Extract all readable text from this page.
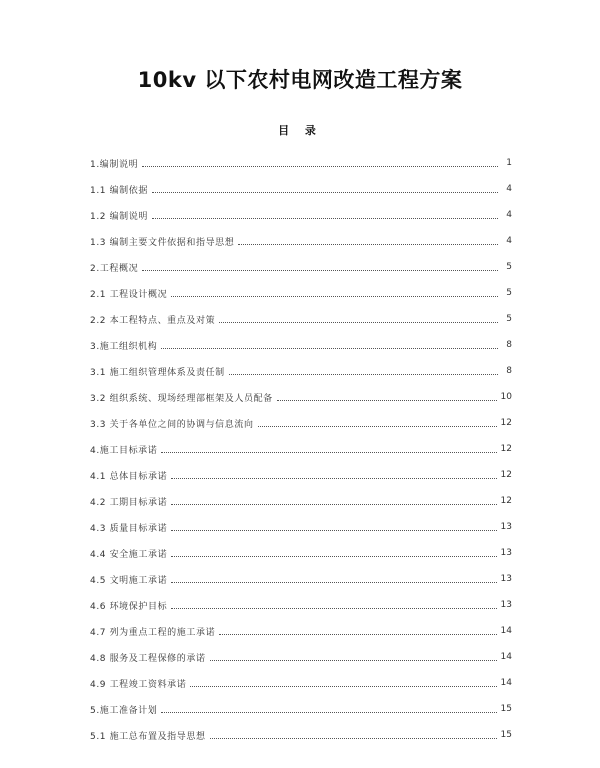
10kv 以下农村电网改造工程方案
目 录
1.编制说明	1
1.1 编制依据	4
1.2 编制说明	4
1.3 编制主要文件依据和指导思想	4
2.工程概况	5
2.1 工程设计概况	5
2.2 本工程特点、重点及对策	5
3.施工组织机构	8
3.1 施工组织管理体系及责任制	8
3.2 组织系统、现场经理部框架及人员配备	10
3.3 关于各单位之间的协调与信息流向	12
4.施工目标承诺	12
4.1 总体目标承诺	12
4.2 工期目标承诺	12
4.3 质量目标承诺	13
4.4 安全施工承诺	13
4.5 文明施工承诺	13
4.6 环境保护目标	13
4.7 列为重点工程的施工承诺	14
4.8 服务及工程保修的承诺	14
4.9 工程竣工资料承诺	14
5.施工准备计划	15
5.1 施工总布置及指导思想	15
